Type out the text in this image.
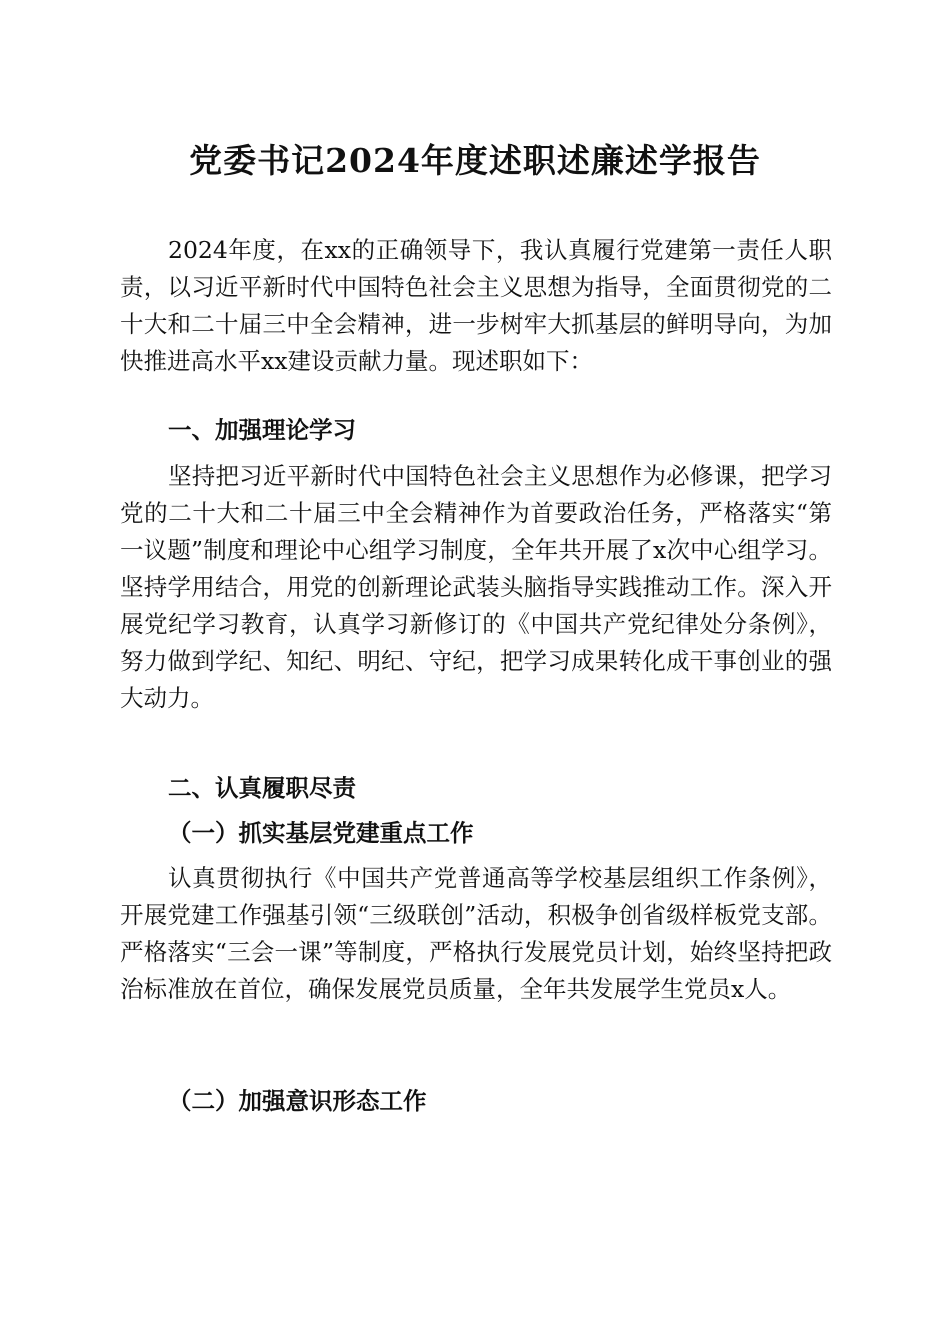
党委书记2024年度述职述廉述学报告

2024年度，在xx的正确领导下，我认真履行党建第一责任人职责，以习近平新时代中国特色社会主义思想为指导，全面贯彻党的二十大和二十届三中全会精神，进一步树牢大抓基层的鲜明导向，为加快推进高水平xx建设贡献力量。现述职如下：

一、加强理论学习

坚持把习近平新时代中国特色社会主义思想作为必修课，把学习党的二十大和二十届三中全会精神作为首要政治任务，严格落实“第一议题”制度和理论中心组学习制度，全年共开展了x次中心组学习。坚持学用结合，用党的创新理论武装头脑指导实践推动工作。深入开展党纪学习教育，认真学习新修订的《中国共产党纪律处分条例》，努力做到学纪、知纪、明纪、守纪，把学习成果转化成干事创业的强大动力。

二、认真履职尽责
（一）抓实基层党建重点工作

认真贯彻执行《中国共产党普通高等学校基层组织工作条例》，开展党建工作强基引领“三级联创”活动，积极争创省级样板党支部。严格落实“三会一课”等制度，严格执行发展党员计划，始终坚持把政治标准放在首位，确保发展党员质量，全年共发展学生党员x人。

（二）加强意识形态工作
